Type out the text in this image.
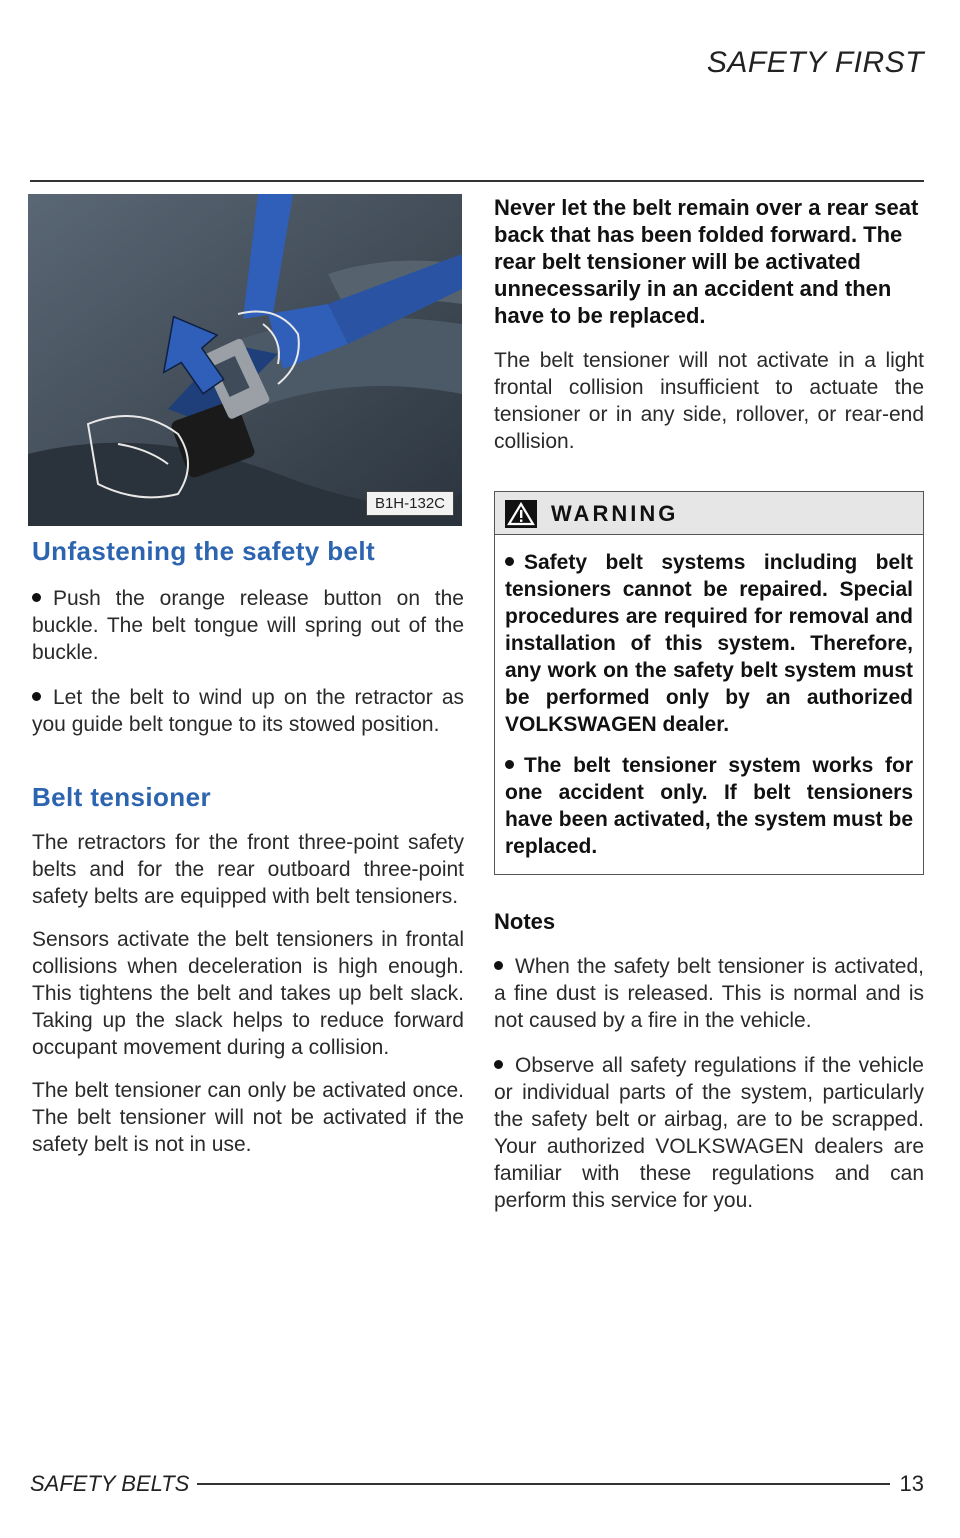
SAFETY FIRST
B1H-132C
Unfastening the safety belt

Push the orange release button on the buckle. The belt tongue will spring out of the buckle.

Let the belt to wind up on the retractor as you guide belt tongue to its stowed position.

Belt tensioner

The retractors for the front three-point safety belts and for the rear outboard three-point safety belts are equipped with belt tensioners.

Sensors activate the belt tensioners in frontal collisions when deceleration is high enough. This tightens the belt and takes up belt slack. Taking up the slack helps to reduce forward occupant movement during a collision.

The belt tensioner can only be activated once. The belt tensioner will not be activated if the safety belt is not in use.

Never let the belt remain over a rear seat back that has been folded forward. The rear belt tensioner will be activated unnecessarily in an accident and then have to be replaced.

The belt tensioner will not activate in a light frontal collision insufficient to actuate the tensioner or in any side, rollover, or rear-end collision.

WARNING

Safety belt systems including belt tensioners cannot be repaired. Special procedures are required for removal and installation of this system. Therefore, any work on the safety belt system must be performed only by an authorized VOLKSWAGEN dealer.

The belt tensioner system works for one accident only. If belt tensioners have been activated, the system must be replaced.

Notes

When the safety belt tensioner is activated, a fine dust is released. This is normal and is not caused by a fire in the vehicle.

Observe all safety regulations if the vehicle or individual parts of the system, particularly the safety belt or airbag, are to be scrapped. Your authorized VOLKSWAGEN dealers are familiar with these regulations and can perform this service for you.

SAFETY BELTS	13
